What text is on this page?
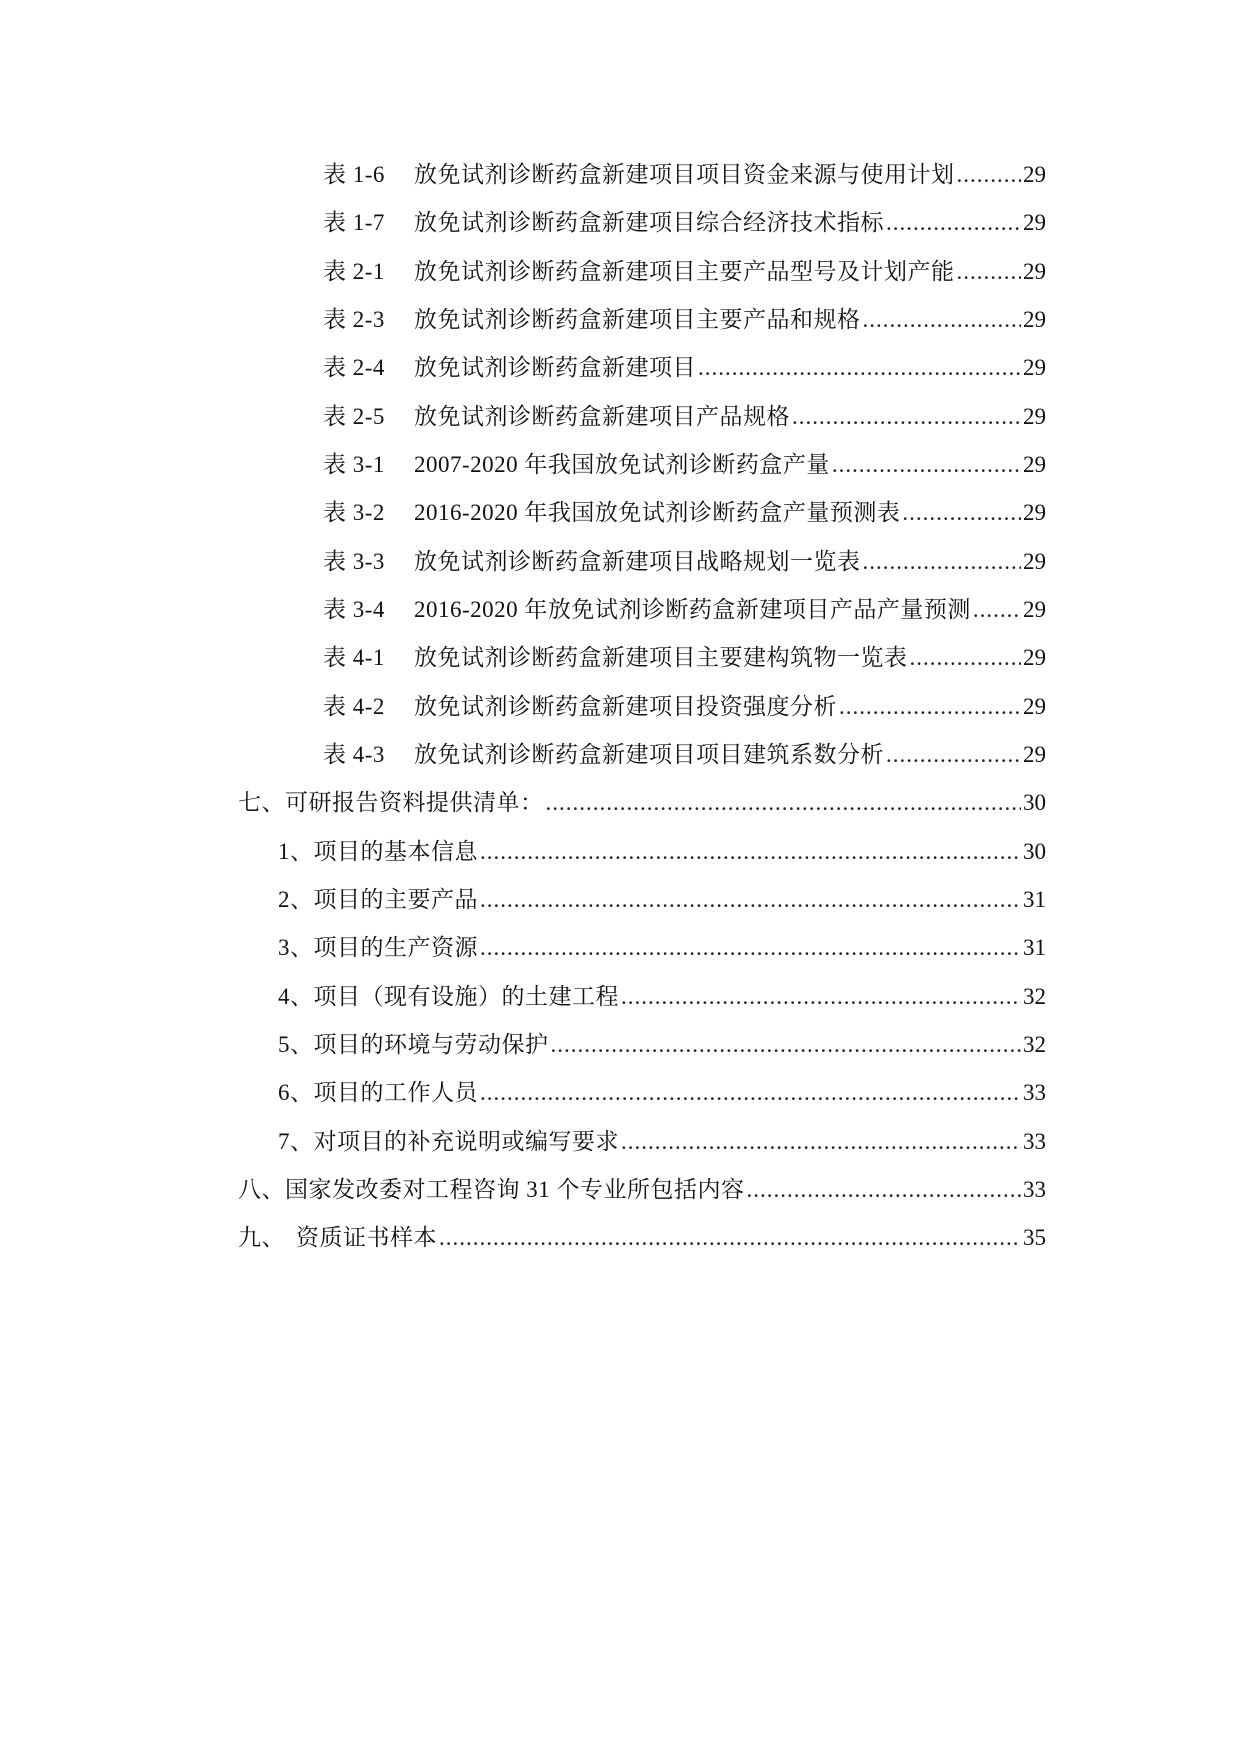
表 1-6 放免试剂诊断药盒新建项目项目资金来源与使用计划 .....	29
表 1-7 放免试剂诊断药盒新建项目综合经济技术指标 .....	29
表 2-1 放免试剂诊断药盒新建项目主要产品型号及计划产能 .....	29
表 2-3 放免试剂诊断药盒新建项目主要产品和规格 .....	29
表 2-4 放免试剂诊断药盒新建项目 .....	29
表 2-5 放免试剂诊断药盒新建项目产品规格 .....	29
表 3-1 2007-2020 年我国放免试剂诊断药盒产量 .....	29
表 3-2 2016-2020 年我国放免试剂诊断药盒产量预测表 .....	29
表 3-3 放免试剂诊断药盒新建项目战略规划一览表 .....	29
表 3-4 2016-2020 年放免试剂诊断药盒新建项目产品产量预测 ..... 29
表 4-1 放免试剂诊断药盒新建项目主要建构筑物一览表 .....	29
表 4-2 放免试剂诊断药盒新建项目投资强度分析 .....	29
表 4-3 放免试剂诊断药盒新建项目项目建筑系数分析 .....	29
七、可研报告资料提供清单： .....	30
1、项目的基本信息 .....	30
2、项目的主要产品 .....	31
3、项目的生产资源 .....	31
4、项目（现有设施）的土建工程 .....	32
5、项目的环境与劳动保护 .....	32
6、项目的工作人员 .....	33
7、对项目的补充说明或编写要求 .....	33
八、国家发改委对工程咨询 31 个专业所包括内容 .....	33
九、 资质证书样本 .....	35
